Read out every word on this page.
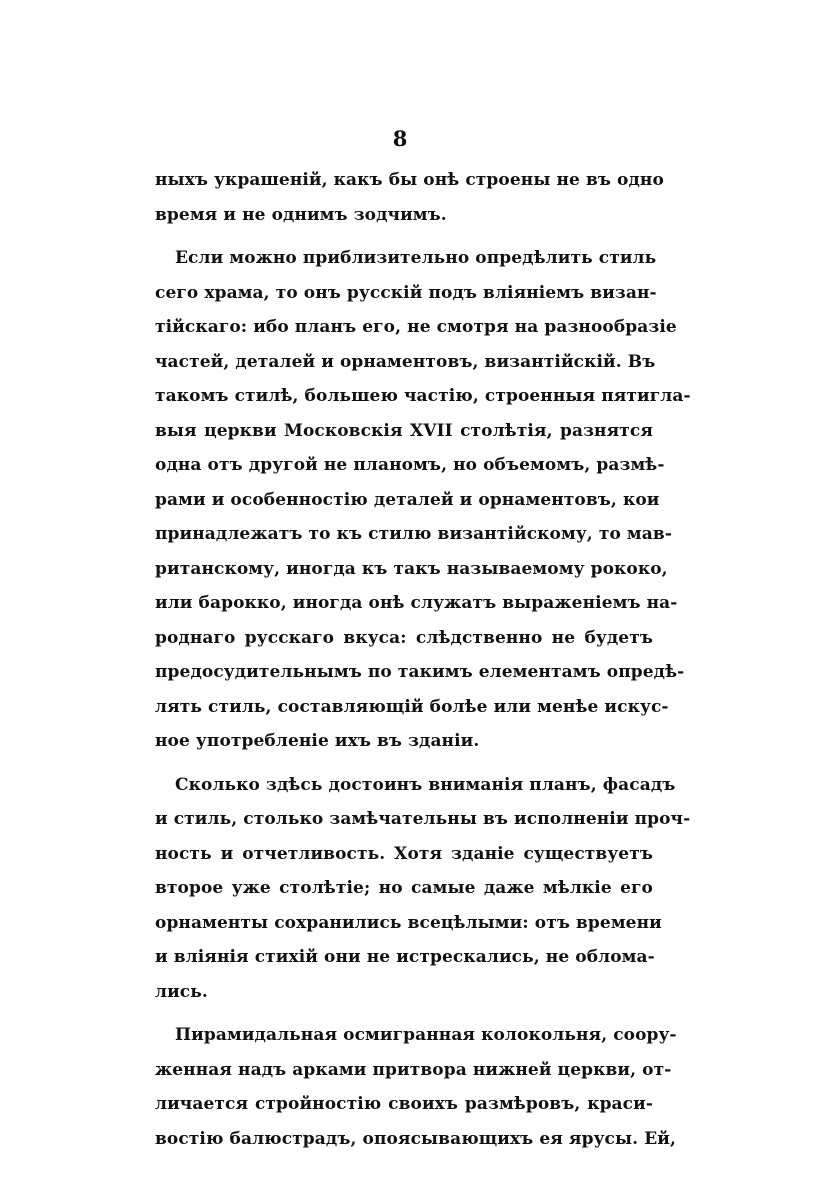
8
ныхъ украшеній, какъ бы онѣ строены не въ одно
время и не однимъ зодчимъ.
Если можно приблизительно опредѣлить стиль
сего храма, то онъ русскій подъ вліяніемъ визан-
тійскаго: ибо планъ его, не смотря на разнообразіе
частей, деталей и орнаментовъ, византійскій. Въ
такомъ стилѣ, большею частію, строенныя пятигла-
выя церкви Московскія XVII столѣтія, разнятся
одна отъ другой не планомъ, но объемомъ, размѣ-
рами и особенностію деталей и орнаментовъ, кои
принадлежатъ то къ стилю византійскому, то мав-
ританскому, иногда къ такъ называемому рококо,
или барокко, иногда онѣ служатъ выраженіемъ на-
роднаго русскаго вкуса: слѣдственно не будетъ
предосудительнымъ по такимъ елементамъ опредѣ-
лять стиль, составляющій болѣе или менѣе искус-
ное употребленіе ихъ въ зданіи.
Сколько здѣсь достоинъ вниманія планъ, фасадъ
и стиль, столько замѣчательны въ исполненіи проч-
ность и отчетливость. Хотя зданіе существуетъ
второе уже столѣтіе; но самые даже мѣлкіе его
орнаменты сохранились всецѣлыми: отъ времени
и вліянія стихій они не истрескались, не облома-
лись.
Пирамидальная осмигранная колокольня, соору-
женная надъ арками притвора нижней церкви, от-
личается стройностію своихъ размѣровъ, краси-
востію балюстрадъ, опоясывающихъ ея ярусы. Ей,
